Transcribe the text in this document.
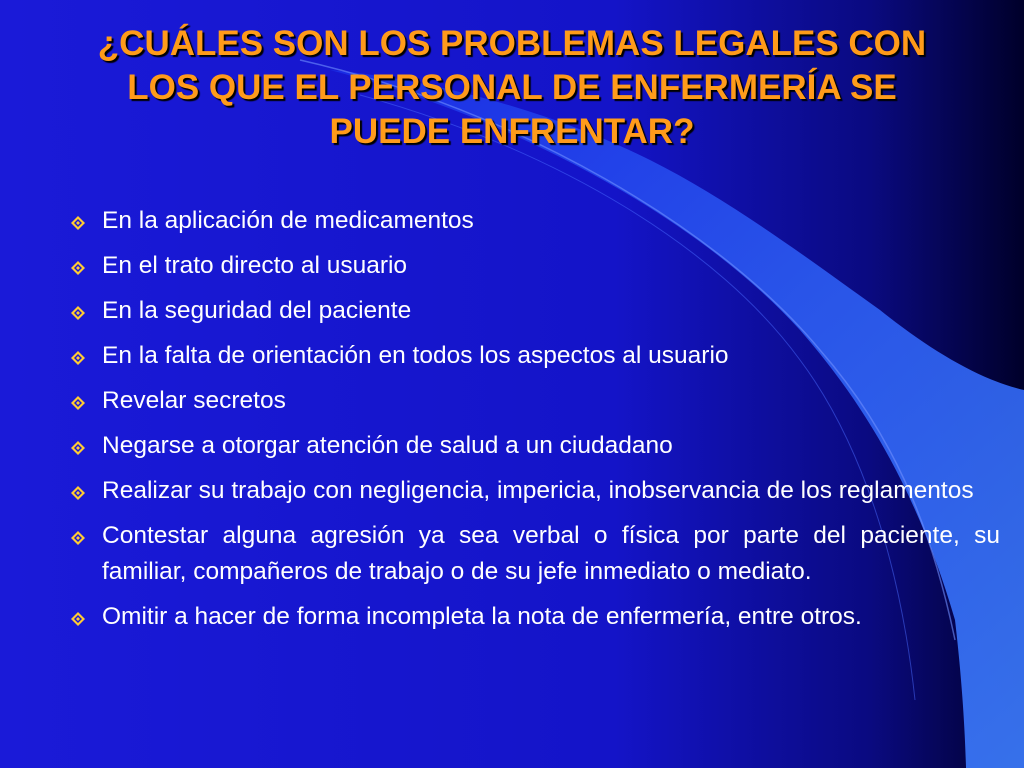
¿CUÁLES SON LOS PROBLEMAS LEGALES CON
LOS QUE EL PERSONAL DE ENFERMERÍA SE
PUEDE ENFRENTAR?
En la aplicación de medicamentos
En el trato directo al usuario
En la seguridad del paciente
En la falta de orientación en todos los aspectos al usuario
Revelar secretos
Negarse a otorgar atención de salud a un ciudadano
Realizar su trabajo con negligencia, impericia, inobservancia de los reglamentos
Contestar alguna agresión ya sea verbal o física por parte del paciente, su familiar, compañeros de trabajo o de su jefe inmediato o mediato.
Omitir a hacer de forma incompleta la nota de enfermería, entre otros.
